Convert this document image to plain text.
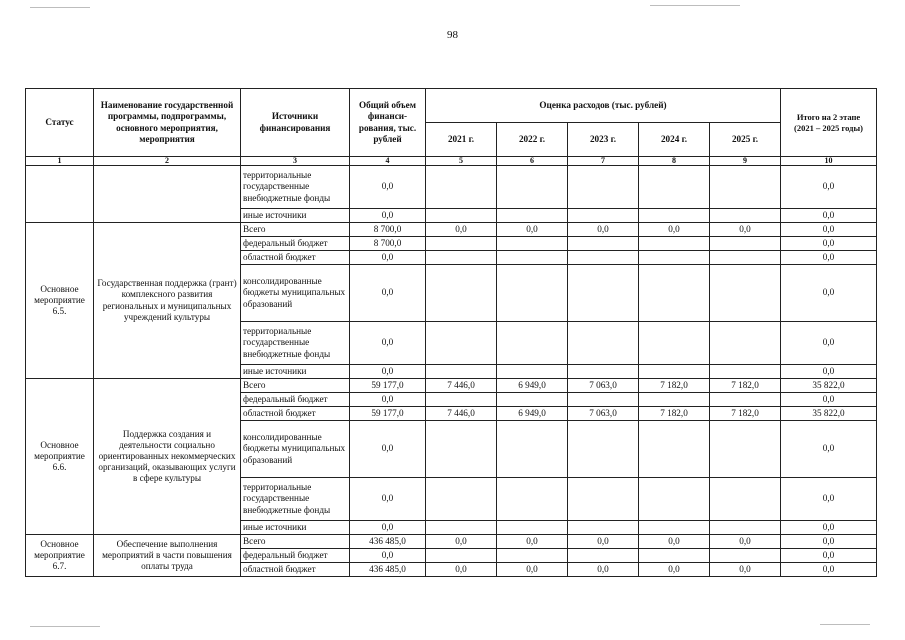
98
Статус	Наименование государственной программы, подпрограммы, основного мероприятия, мероприятия	Источники финансирования	Общий объем финанси-рования, тыс. рублей	Оценка расходов (тыс. рублей)					Итого на 2 этапе
(2021 – 2025 годы)

				2021 г.	2022 г.	2023 г.	2024 г.	2025 г.	
1	2	3	4	5	6	7	8	9	10
		территориальные государственные внебюджетные фонды	0,0						0,0
		иные источники	0,0						0,0
Основное мероприятие 6.5.	Государственная поддержка (грант) комплексного развития региональных и муниципальных учреждений культуры	Всего	8 700,0	0,0	0,0	0,0	0,0	0,0	0,0
		федеральный бюджет	8 700,0						0,0
		областной бюджет	0,0						0,0
		консолидированные бюджеты муниципальных образований	0,0						0,0
		территориальные государственные внебюджетные фонды	0,0						0,0
		иные источники	0,0						0,0
Основное мероприятие 6.6.	Поддержка создания и деятельности социально ориентированных некоммерческих организаций, оказывающих услуги в сфере культуры	Всего	59 177,0	7 446,0	6 949,0	7 063,0	7 182,0	7 182,0	35 822,0
		федеральный бюджет	0,0						0,0
		областной бюджет	59 177,0	7 446,0	6 949,0	7 063,0	7 182,0	7 182,0	35 822,0
		консолидированные бюджеты муниципальных образований	0,0						0,0
		территориальные государственные внебюджетные фонды	0,0						0,0
		иные источники	0,0						0,0
Основное мероприятие 6.7.	Обеспечение выполнения мероприятий в части повышения оплаты труда	Всего	436 485,0	0,0	0,0	0,0	0,0	0,0	0,0
		федеральный бюджет	0,0						0,0
		областной бюджет	436 485,0	0,0	0,0	0,0	0,0	0,0	0,0
